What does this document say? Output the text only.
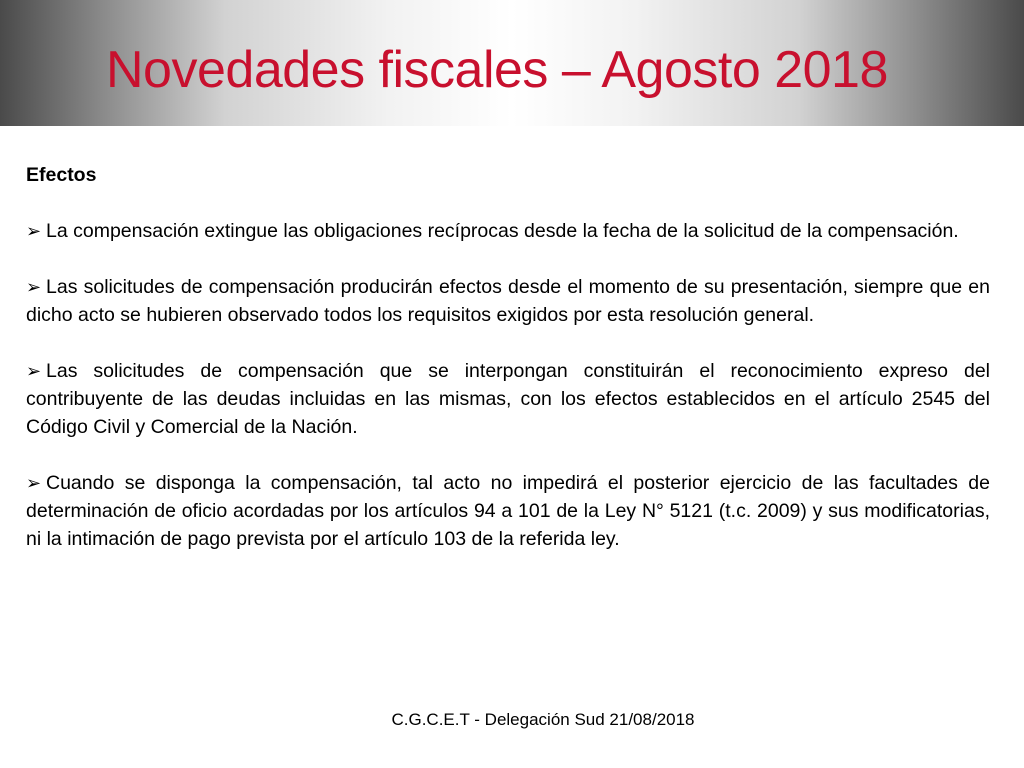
Novedades fiscales – Agosto 2018
Efectos

➢ La compensación extingue las obligaciones recíprocas desde la fecha de la solicitud de la compensación.

➢ Las solicitudes de compensación producirán efectos desde el momento de su presentación, siempre que en dicho acto se hubieren observado todos los requisitos exigidos por esta resolución general.

➢ Las solicitudes de compensación que se interpongan constituirán el reconocimiento expreso del contribuyente de las deudas incluidas en las mismas, con los efectos establecidos en el artículo 2545 del Código Civil y Comercial de la Nación.

➢ Cuando se disponga la compensación, tal acto no impedirá el posterior ejercicio de las facultades de determinación de oficio acordadas por los artículos 94 a 101 de la Ley N° 5121 (t.c. 2009) y sus modificatorias, ni la intimación de pago prevista por el artículo 103 de la referida ley.

C.G.C.E.T - Delegación Sud 21/08/2018
